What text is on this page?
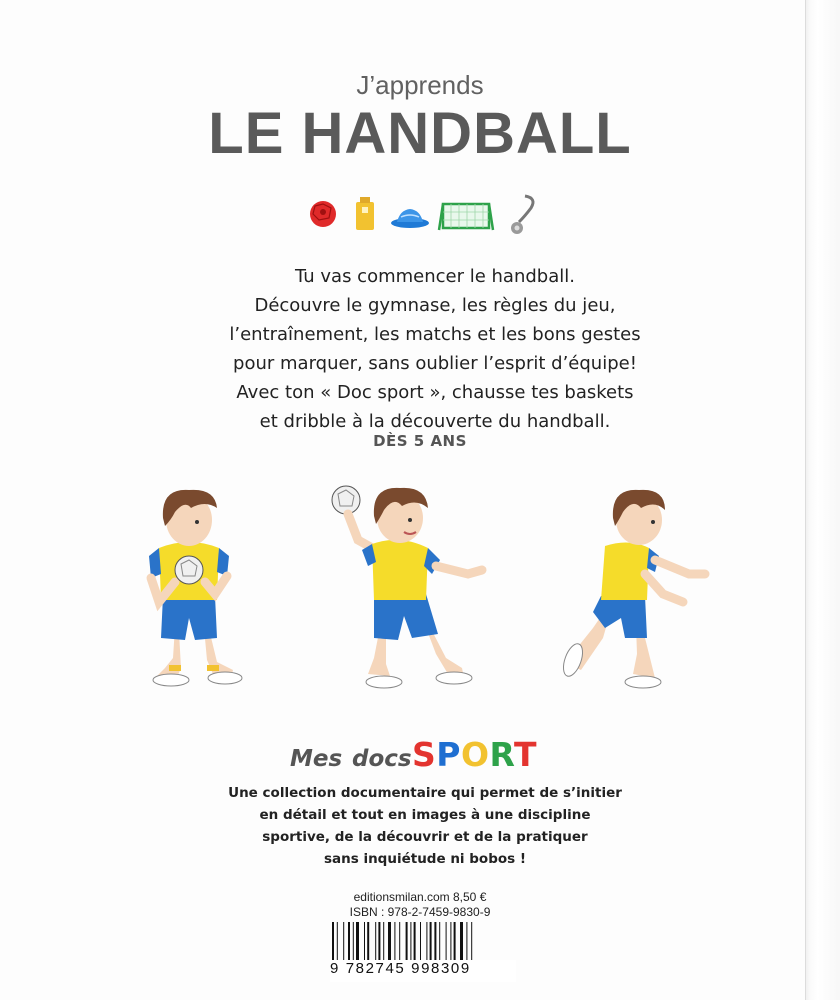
J’apprends
LE HANDBALL
Tu vas commencer le handball.
Découvre le gymnase, les règles du jeu,
l’entraînement, les matchs et les bons gestes
pour marquer, sans oublier l’esprit d’équipe!
Avec ton « Doc sport », chausse tes baskets
et dribble à la découverte du handball.
DÈS 5 ANS
Mes docs SPORT
Une collection documentaire qui permet de s’initier
en détail et tout en images à une discipline
sportive, de la découvrir et de la pratiquer
sans inquiétude ni bobos !
editionsmilan.com 8,50 €
ISBN : 978-2-7459-9830-9
9 782745 998309
